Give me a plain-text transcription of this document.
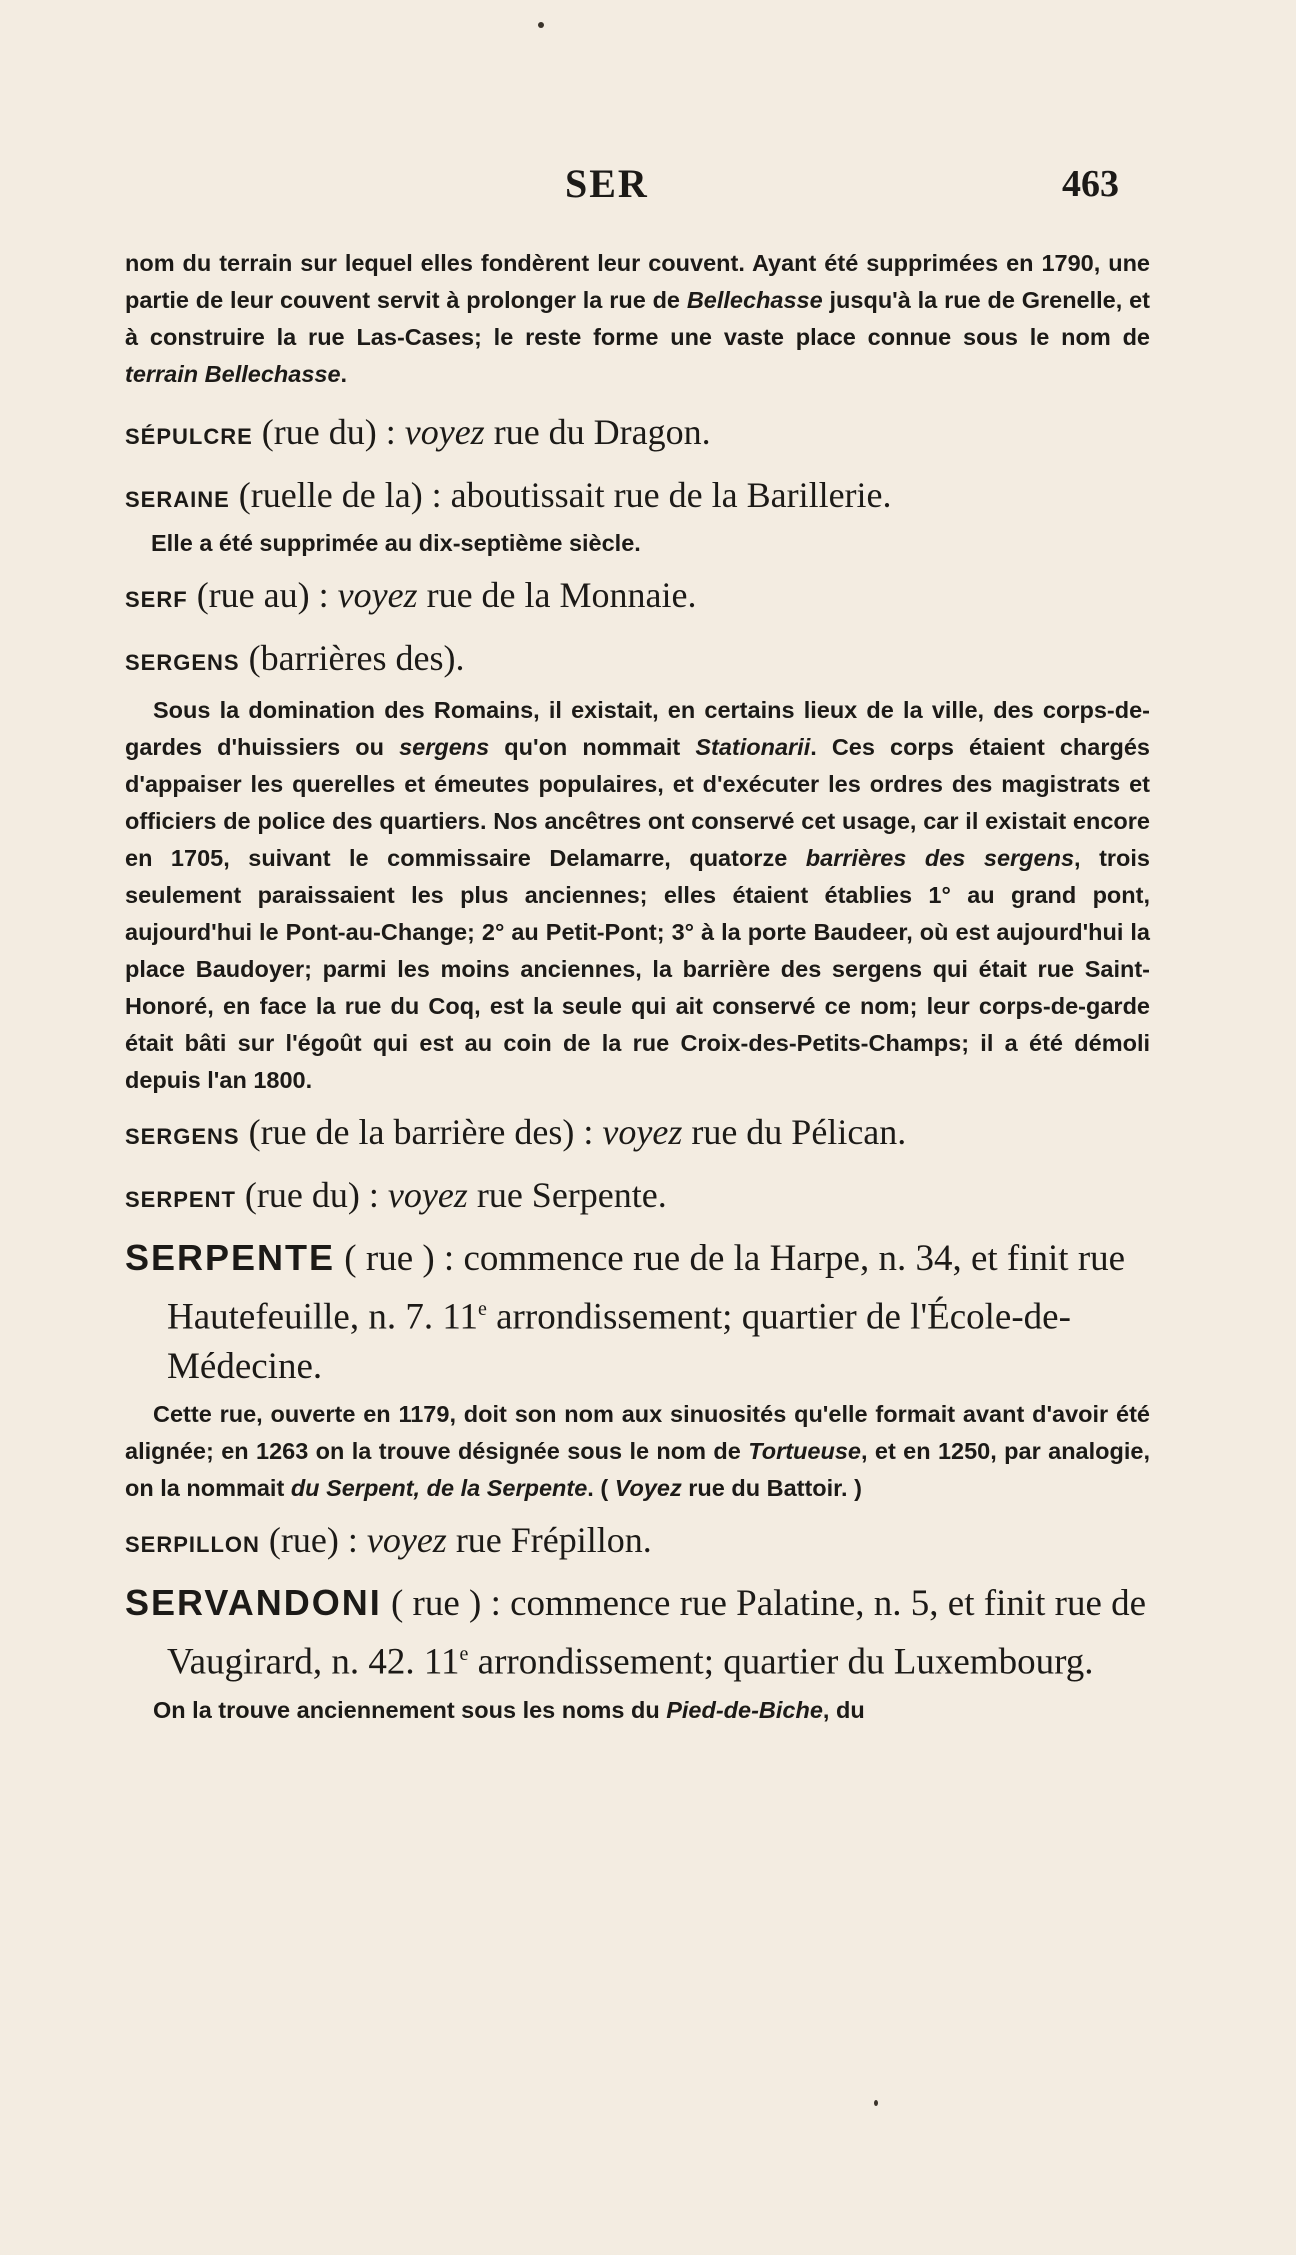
SER	463

nom du terrain sur lequel elles fondèrent leur couvent. Ayant été supprimées en 1790, une partie de leur couvent servit à prolonger la rue de Bellechasse jusqu'à la rue de Grenelle, et à construire la rue Las-Cases; le reste forme une vaste place connue sous le nom de terrain Bellechasse.

SÉPULCRE (rue du) : voyez rue du Dragon.

SERAINE (ruelle de la) : aboutissait rue de la Barillerie.

Elle a été supprimée au dix-septième siècle.

SERF (rue au) : voyez rue de la Monnaie.

SERGENS (barrières des).

Sous la domination des Romains, il existait, en certains lieux de la ville, des corps-de-gardes d'huissiers ou sergens qu'on nommait Stationarii. Ces corps étaient chargés d'appaiser les querelles et émeutes populaires, et d'exécuter les ordres des magistrats et officiers de police des quartiers. Nos ancêtres ont conservé cet usage, car il existait encore en 1705, suivant le commissaire Delamarre, quatorze barrières des sergens, trois seulement paraissaient les plus anciennes; elles étaient établies 1° au grand pont, aujourd'hui le Pont-au-Change; 2° au Petit-Pont; 3° à la porte Baudeer, où est aujourd'hui la place Baudoyer; parmi les moins anciennes, la barrière des sergens qui était rue Saint-Honoré, en face la rue du Coq, est la seule qui ait conservé ce nom; leur corps-de-garde était bâti sur l'égoût qui est au coin de la rue Croix-des-Petits-Champs; il a été démoli depuis l'an 1800.

SERGENS (rue de la barrière des) : voyez rue du Pélican.

SERPENT (rue du) : voyez rue Serpente.

SERPENTE ( rue ) : commence rue de la Harpe, n. 34, et finit rue Hautefeuille, n. 7. 11e arrondissement; quartier de l'École-de-Médecine.

Cette rue, ouverte en 1179, doit son nom aux sinuosités qu'elle formait avant d'avoir été alignée; en 1263 on la trouve désignée sous le nom de Tortueuse, et en 1250, par analogie, on la nommait du Serpent, de la Serpente. ( Voyez rue du Battoir. )

SERPILLON (rue) : voyez rue Frépillon.

SERVANDONI ( rue ) : commence rue Palatine, n. 5, et finit rue de Vaugirard, n. 42. 11e arrondissement; quartier du Luxembourg.

On la trouve anciennement sous les noms du Pied-de-Biche, du
